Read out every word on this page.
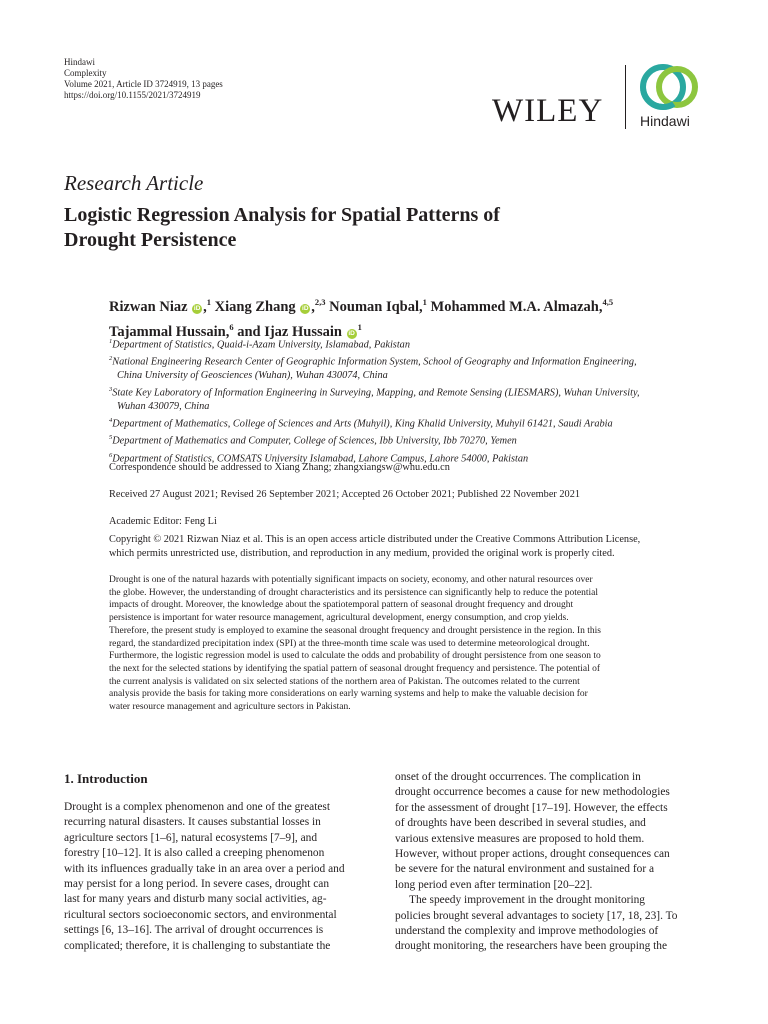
Hindawi
Complexity
Volume 2021, Article ID 3724919, 13 pages
https://doi.org/10.1155/2021/3724919	WILEY	Hindawi
Research Article
Logistic Regression Analysis for Spatial Patterns of
Drought Persistence
Rizwan Niaz iD ,$^1$ Xiang Zhang iD ,$^{2,3}$ Nouman Iqbal,$^1$ Mohammed M.A. Almazah,$^{4,5}$
Tajammal Hussain,$^6$ and Ijaz Hussain $iD^1$
$^1$Department of Statistics, Quaid-i-Azam University, Islamabad, Pakistan
$^2$National Engineering Research Center of Geographic Information System, School of Geography and Information Engineering,
China University of Geosciences (Wuhan), Wuhan 430074, China
$^3$State Key Laboratory of Information Engineering in Surveying, Mapping, and Remote Sensing (LIESMARS), Wuhan University,
Wuhan 430079, China
$^4$Department of Mathematics, College of Sciences and Arts (Muhyil), King Khalid University, Muhyil 61421, Saudi Arabia
$^5$Department of Mathematics and Computer, College of Sciences, Ibb University, Ibb 70270, Yemen
$^6$Department of Statistics, COMSATS University Islamabad, Lahore Campus, Lahore 54000, Pakistan
Correspondence should be addressed to Xiang Zhang; zhangxiangsw@whu.edu.cn
Received 27 August 2021; Revised 26 September 2021; Accepted 26 October 2021; Published 22 November 2021
Academic Editor: Feng Li
Copyright © 2021 Rizwan Niaz et al. This is an open access article distributed under the Creative Commons Attribution License,
which permits unrestricted use, distribution, and reproduction in any medium, provided the original work is properly cited.
Drought is one of the natural hazards with potentially significant impacts on society, economy, and other natural resources over
the globe. However, the understanding of drought characteristics and its persistence can significantly help to reduce the potential
impacts of drought. Moreover, the knowledge about the spatiotemporal pattern of seasonal drought frequency and drought
persistence is important for water resource management, agricultural development, energy consumption, and crop yields.
Therefore, the present study is employed to examine the seasonal drought frequency and drought persistence in the region. In this
regard, the standardized precipitation index (SPI) at the three-month time scale was used to determine meteorological drought.
Furthermore, the logistic regression model is used to calculate the odds and probability of drought persistence from one season to
the next for the selected stations by identifying the spatial pattern of seasonal drought frequency and persistence. The potential of
the current analysis is validated on six selected stations of the northern area of Pakistan. The outcomes related to the current
analysis provide the basis for taking more considerations on early warning systems and help to make the valuable decision for
water resource management and agriculture sectors in Pakistan.
1. Introduction
Drought is a complex phenomenon and one of the greatest
recurring natural disasters. It causes substantial losses in
agriculture sectors [1–6], natural ecosystems [7–9], and
forestry [10–12]. It is also called a creeping phenomenon
with its influences gradually take in an area over a period and
may persist for a long period. In severe cases, drought can
last for many years and disturb many social activities, ag-
ricultural sectors socioeconomic sectors, and environmental
settings [6, 13–16]. The arrival of drought occurrences is
complicated; therefore, it is challenging to substantiate the
onset of the drought occurrences. The complication in
drought occurrence becomes a cause for new methodologies
for the assessment of drought [17–19]. However, the effects
of droughts have been described in several studies, and
various extensive measures are proposed to hold them.
However, without proper actions, drought consequences can
be severe for the natural environment and sustained for a
long period even after termination [20–22].
The speedy improvement in the drought monitoring
policies brought several advantages to society [17, 18, 23]. To
understand the complexity and improve methodologies of
drought monitoring, the researchers have been grouping the
